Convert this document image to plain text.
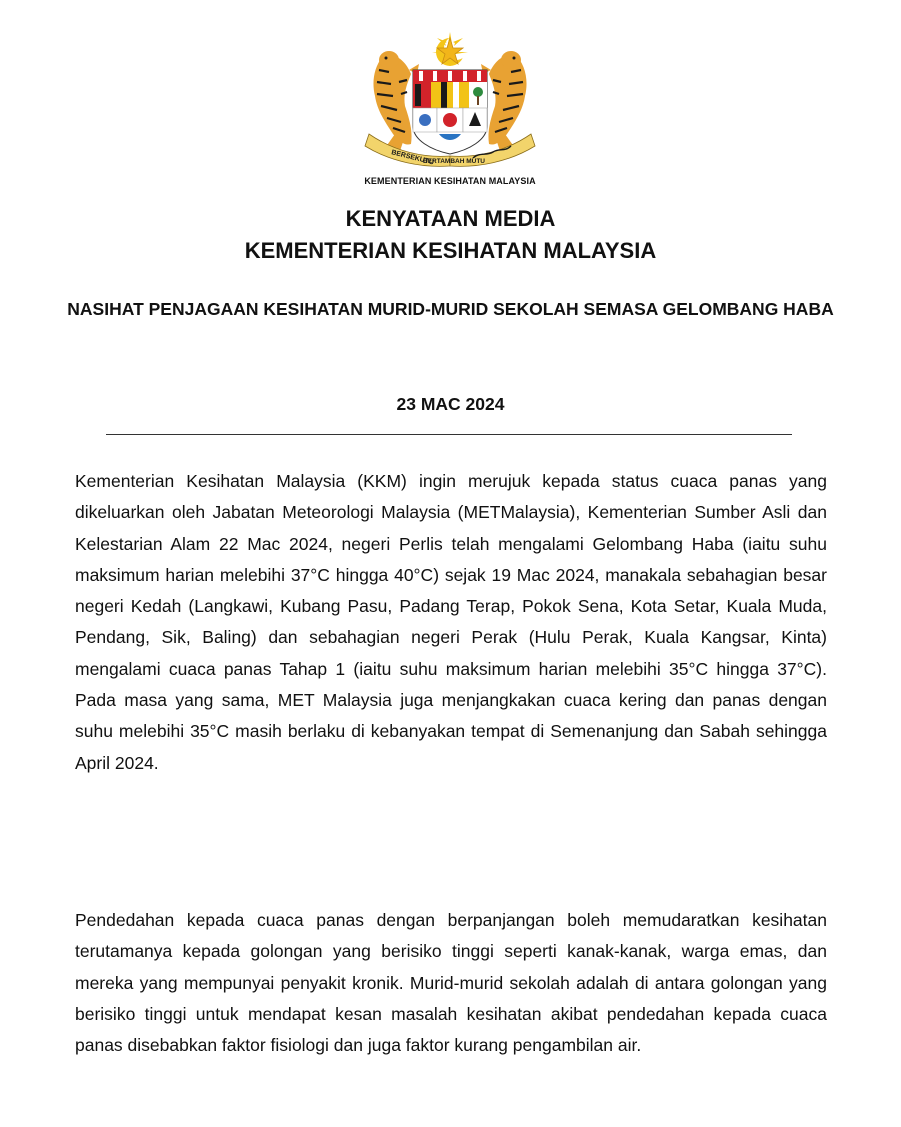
BERSEKUTU
BERTAMBAH MUTU
KEMENTERIAN KESIHATAN MALAYSIA
KENYATAAN MEDIA
KEMENTERIAN KESIHATAN MALAYSIA
NASIHAT PENJAGAAN KESIHATAN MURID-MURID SEKOLAH SEMASA GELOMBANG HABA
23 MAC 2024

Kementerian Kesihatan Malaysia (KKM) ingin merujuk kepada status cuaca panas yang dikeluarkan oleh Jabatan Meteorologi Malaysia (METMalaysia), Kementerian Sumber Asli dan Kelestarian Alam 22 Mac 2024, negeri Perlis telah mengalami Gelombang Haba (iaitu suhu maksimum harian melebihi 37°C hingga 40°C) sejak 19 Mac 2024, manakala sebahagian besar negeri Kedah (Langkawi, Kubang Pasu, Padang Terap, Pokok Sena, Kota Setar, Kuala Muda, Pendang, Sik, Baling) dan sebahagian negeri Perak (Hulu Perak, Kuala Kangsar, Kinta) mengalami cuaca panas Tahap 1 (iaitu suhu maksimum harian melebihi 35°C hingga 37°C). Pada masa yang sama, MET Malaysia juga menjangkakan cuaca kering dan panas dengan suhu melebihi 35°C masih berlaku di kebanyakan tempat di Semenanjung dan Sabah sehingga April 2024.

Pendedahan kepada cuaca panas dengan berpanjangan boleh memudaratkan kesihatan terutamanya kepada golongan yang berisiko tinggi seperti kanak-kanak, warga emas, dan mereka yang mempunyai penyakit kronik. Murid-murid sekolah adalah di antara golongan yang berisiko tinggi untuk mendapat kesan masalah kesihatan akibat pendedahan kepada cuaca panas disebabkan faktor fisiologi dan juga faktor kurang pengambilan air.
